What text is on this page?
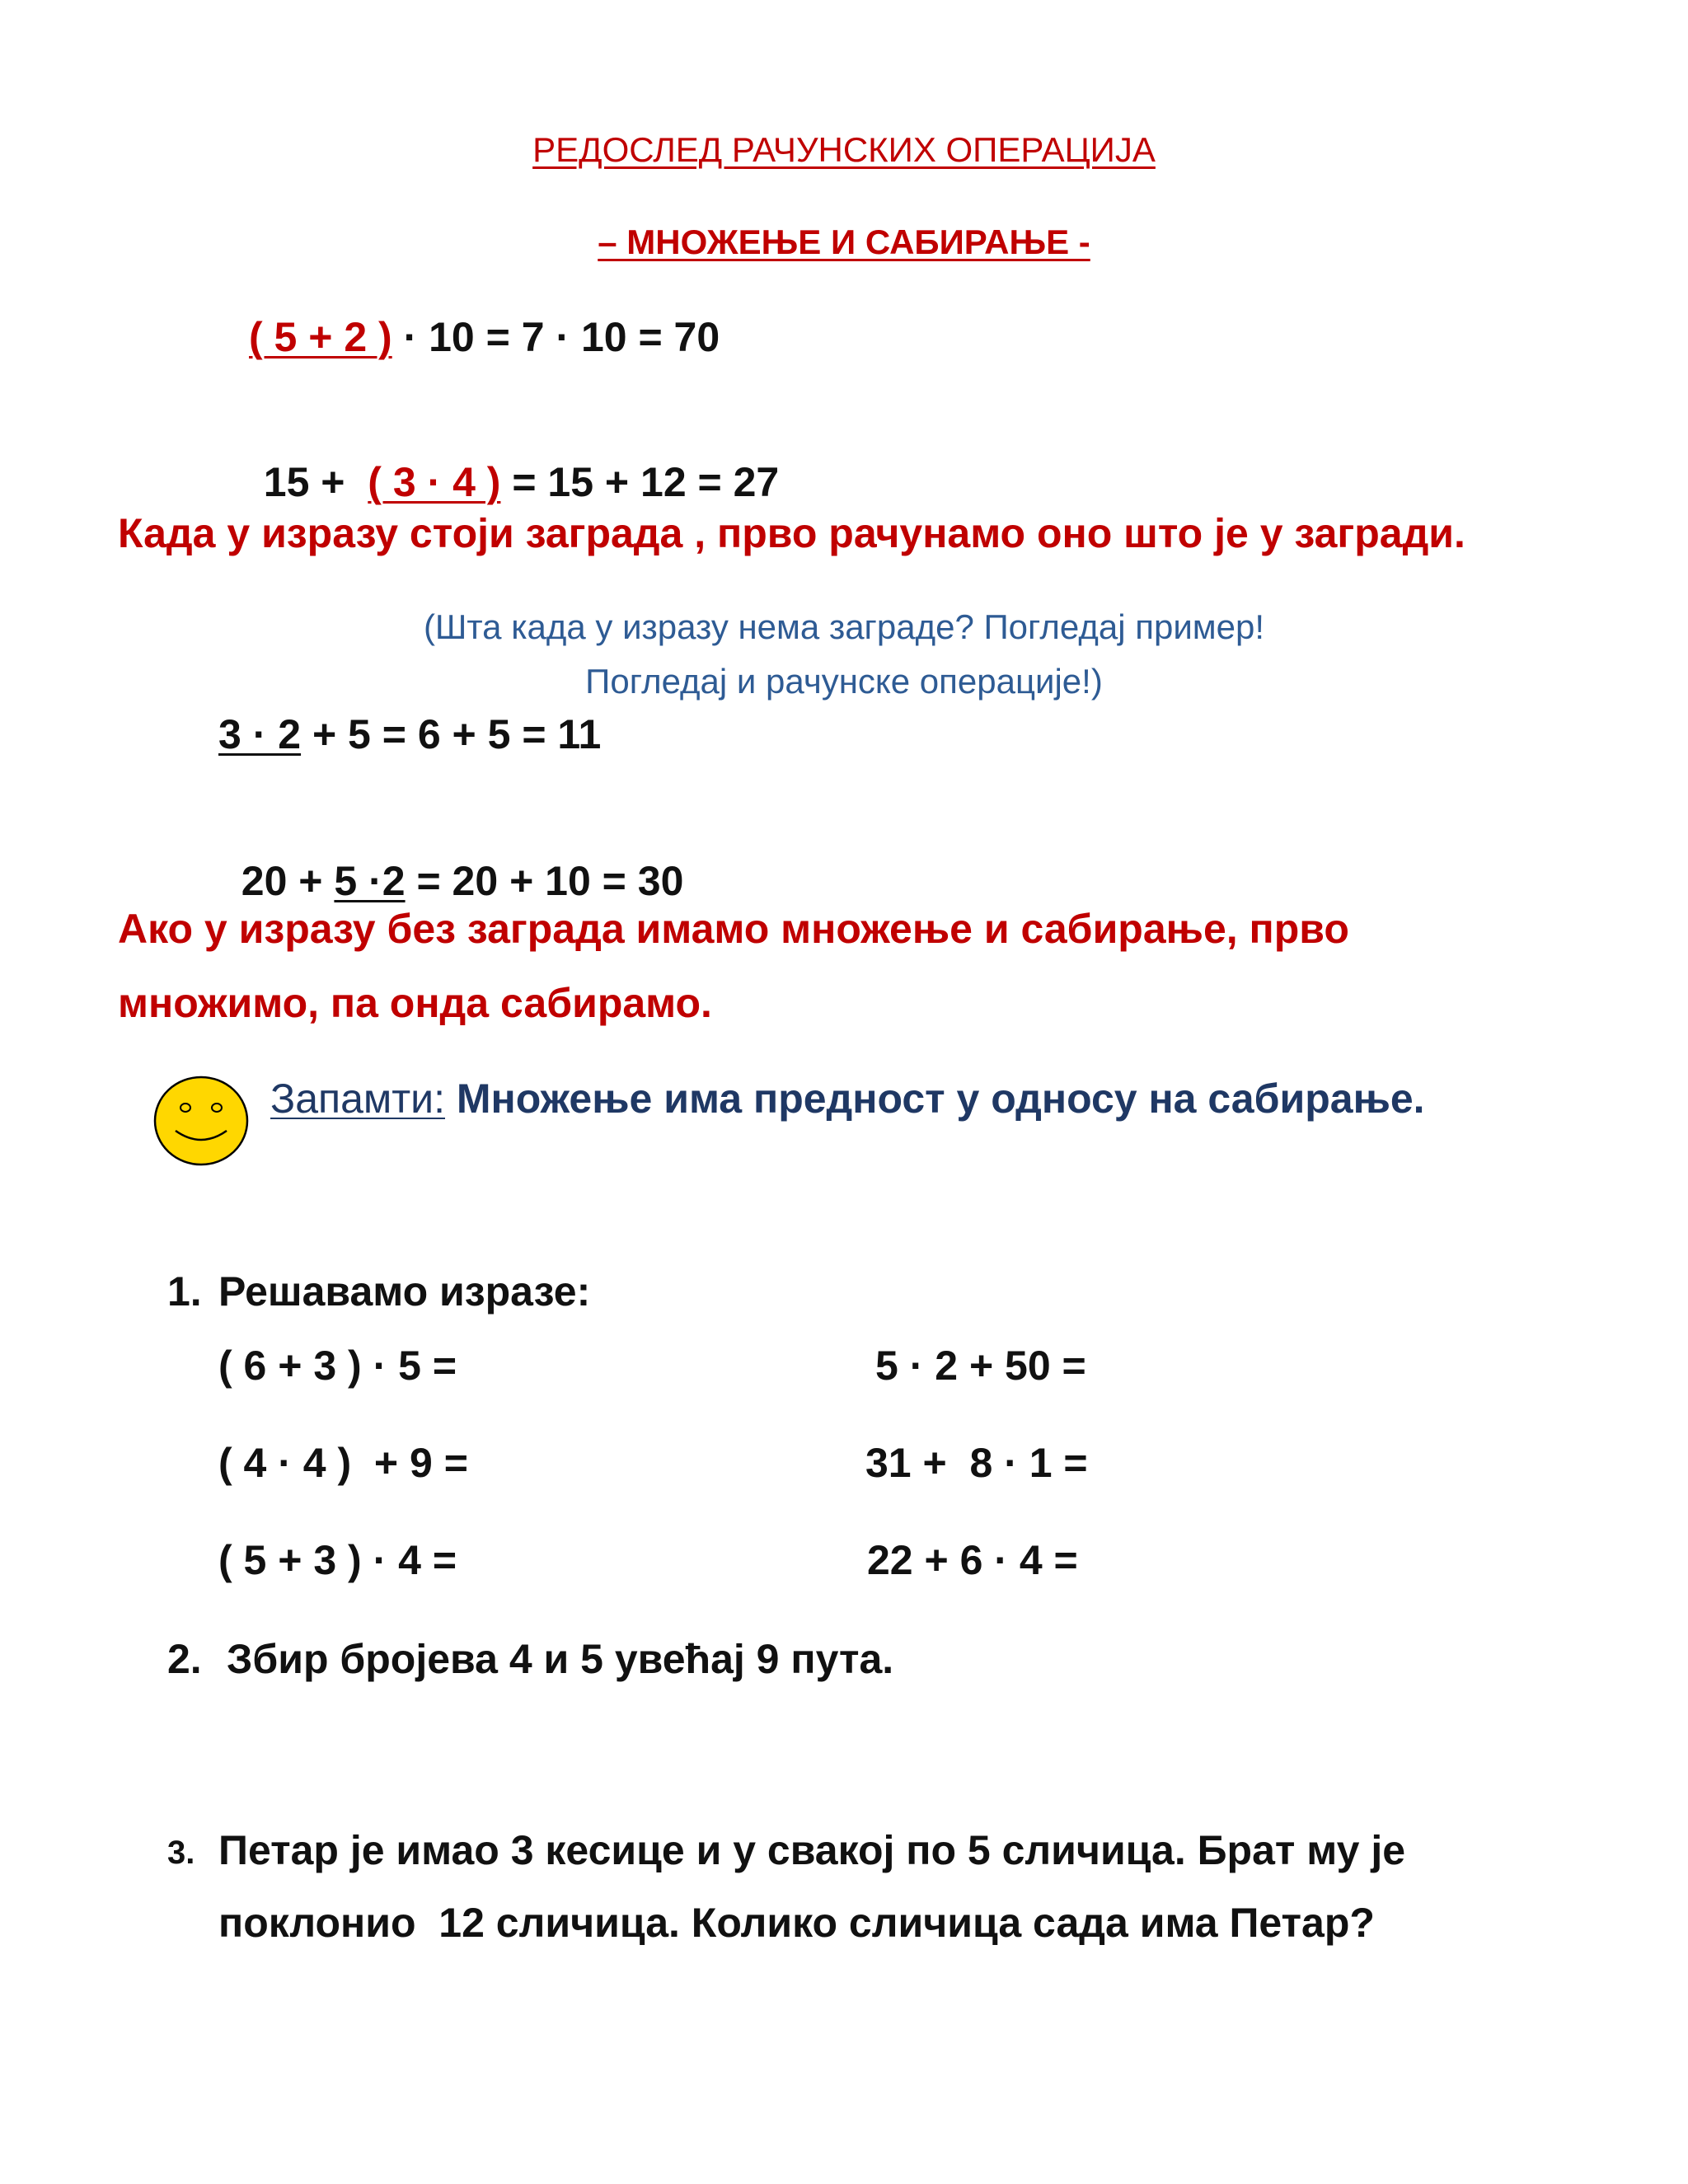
РЕДОСЛЕД РАЧУНСКИХ ОПЕРАЦИЈА
– МНОЖЕЊЕ И САБИРАЊЕ -
( 5 + 2 ) · 10 = 7 · 10 = 70

15 +  ( 3 · 4 ) = 15 + 12 = 27

Када у изразу стоји заграда , прво рачунамо оно што је у загради.
(Шта када у изразу нема заграде? Погледај пример!
Погледај и рачунске операције!)
3 · 2 + 5 = 6 + 5 = 11

20 + 5 ·2 = 20 + 10 = 30

Ако у изразу без заграда имамо множење и сабирање, прво
множимо, па онда сабирамо.
Запамти: Множење има предност у односу на сабирање.
1. Решавамо изразе:
( 6 + 3 ) · 5 =
( 4 · 4 )  + 9 =
( 5 + 3 ) · 4 =
5 · 2 + 50 =
31 +  8 · 1 =
22 + 6 · 4 =
2. Збир бројева 4 и 5 увећај 9 пута.
3. Петар је имао 3 кесице и у свакој по 5 сличица. Брат му је
поклонио  12 сличица. Колико сличица сада има Петар?
